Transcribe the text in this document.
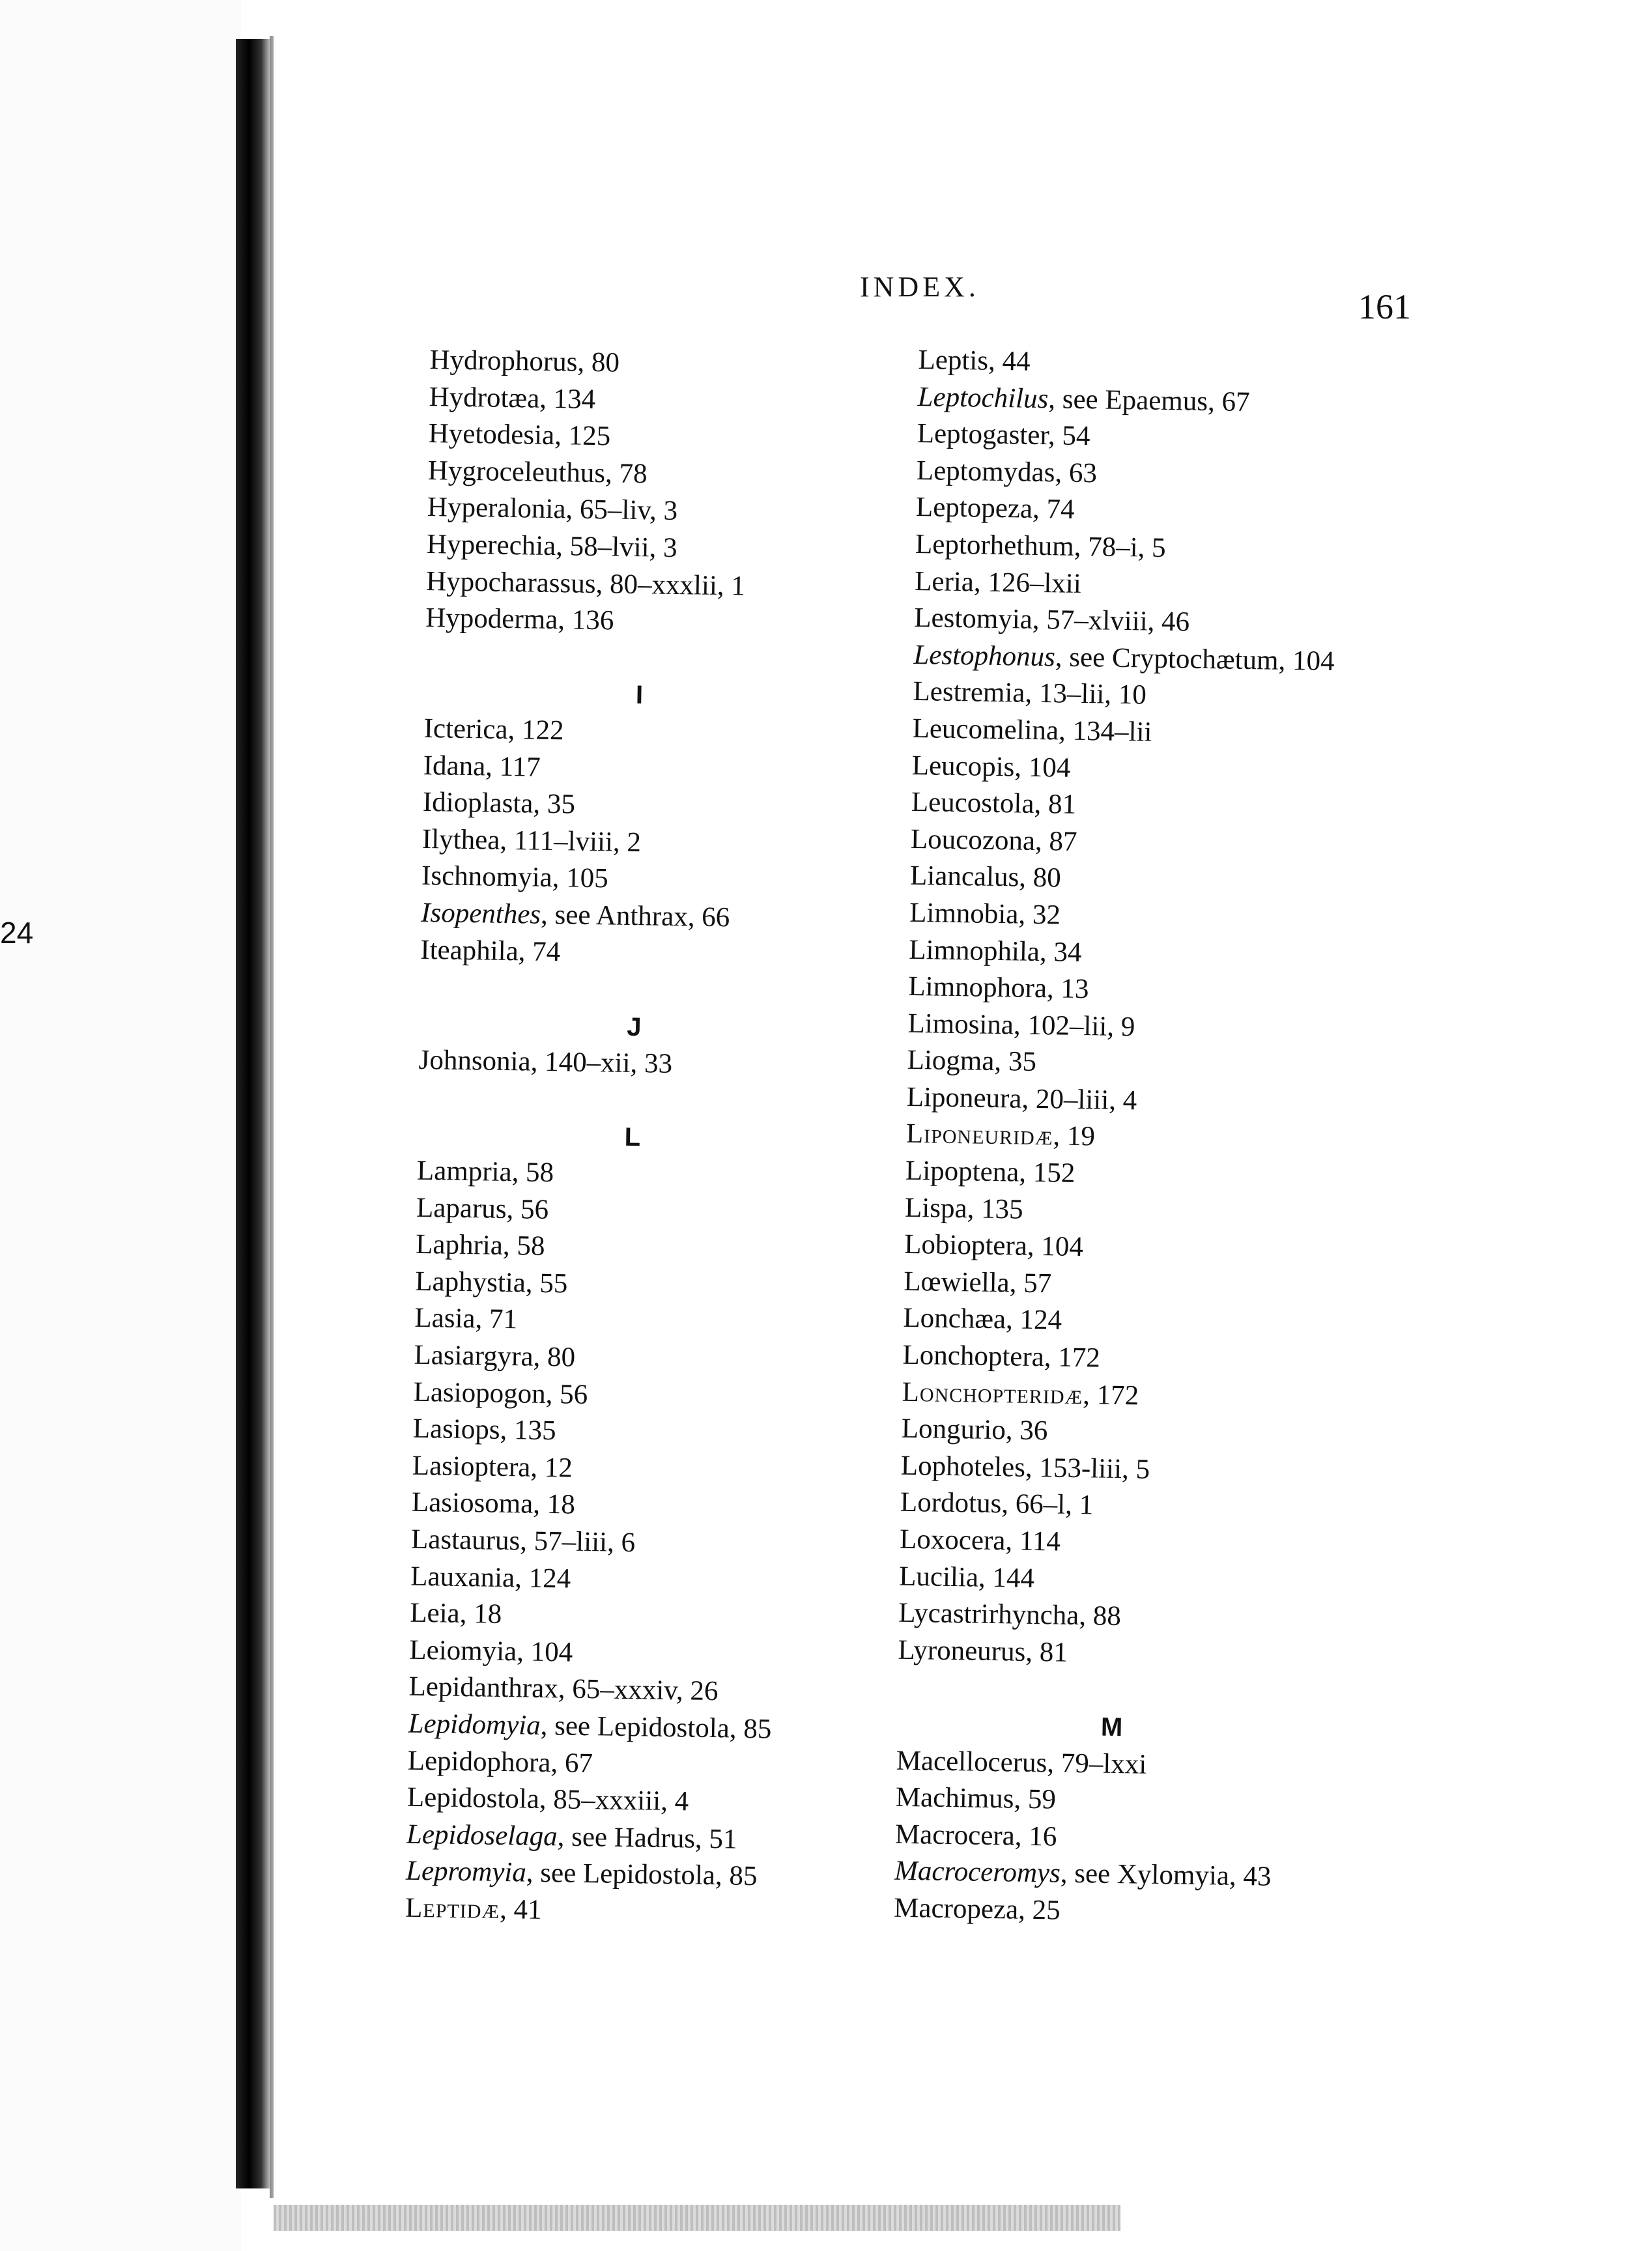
24
INDEX.
161
Hydrophorus, 80
Hydrotæa, 134
Hyetodesia, 125
Hygroceleuthus, 78
Hyperalonia, 65–liv, 3
Hyperechia, 58–lvii, 3
Hypocharassus, 80–xxxlii, 1
Hypoderma, 136
I
Icterica, 122
Idana, 117
Idioplasta, 35
Ilythea, 111–lviii, 2
Ischnomyia, 105
Isopenthes, see Anthrax, 66
Iteaphila, 74
J
Johnsonia, 140–xii, 33
L
Lampria, 58
Laparus, 56
Laphria, 58
Laphystia, 55
Lasia, 71
Lasiargyra, 80
Lasiopogon, 56
Lasiops, 135
Lasioptera, 12
Lasiosoma, 18
Lastaurus, 57–liii, 6
Lauxania, 124
Leia, 18
Leiomyia, 104
Lepidanthrax, 65–xxxiv, 26
Lepidomyia, see Lepidostola, 85
Lepidophora, 67
Lepidostola, 85–xxxiii, 4
Lepidoselaga, see Hadrus, 51
Lepromyia, see Lepidostola, 85
Leptidæ, 41
Leptis, 44
Leptochilus, see Epaemus, 67
Leptogaster, 54
Leptomydas, 63
Leptopeza, 74
Leptorhethum, 78–i, 5
Leria, 126–lxii
Lestomyia, 57–xlviii, 46
Lestophonus, see Cryptochætum, 104
Lestremia, 13–lii, 10
Leucomelina, 134–lii
Leucopis, 104
Leucostola, 81
Loucozona, 87
Liancalus, 80
Limnobia, 32
Limnophila, 34
Limnophora, 13
Limosina, 102–lii, 9
Liogma, 35
Liponeura, 20–liii, 4
Liponeuridæ, 19
Lipoptena, 152
Lispa, 135
Lobioptera, 104
Lœwiella, 57
Lonchæa, 124
Lonchoptera, 172
Lonchopteridæ, 172
Longurio, 36
Lophoteles, 153-liii, 5
Lordotus, 66–l, 1
Loxocera, 114
Lucilia, 144
Lycastrirhyncha, 88
Lyroneurus, 81
M
Macellocerus, 79–lxxi
Machimus, 59
Macrocera, 16
Macroceromys, see Xylomyia, 43
Macropeza, 25
